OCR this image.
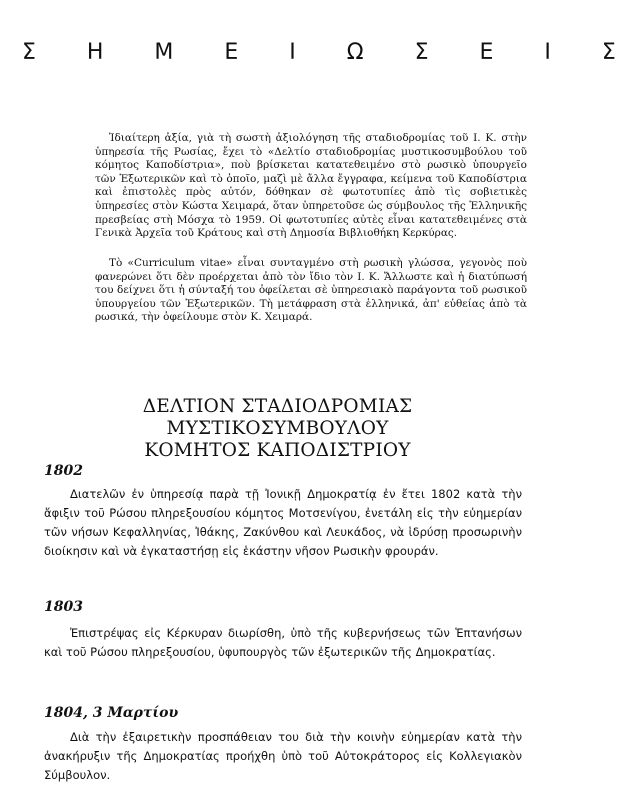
Σ Η Μ Ε Ι Ω Σ Ε Ι Σ

Ἰδιαίτερη ἀξία, γιὰ τὴ σωστὴ ἀξιολόγηση τῆς σταδιοδρομίας τοῦ Ι. Κ. στὴν ὑπηρεσία τῆς Ρωσίας, ἔχει τὸ «Δελτίο σταδιοδρομίας μυστικοσυμβούλου τοῦ κόμητος Καποδίστρια», ποὺ βρίσκεται κατατεθειμένο στὸ ρωσικὸ ὑπουργεῖο τῶν Ἐξωτερικῶν καὶ τὸ ὁποῖο, μαζὶ μὲ ἄλλα ἔγγραφα, κείμενα τοῦ Καποδίστρια καὶ ἐπιστολὲς πρὸς αὐτόν, δόθηκαν σὲ φωτοτυπίες ἀπὸ τὶς σοβιετικὲς ὑπηρεσίες στὸν Κώστα Χειμαρά, ὅταν ὑπηρετοῦσε ὡς σύμβουλος τῆς Ἑλληνικῆς πρεσβείας στὴ Μόσχα τὸ 1959. Οἱ φωτοτυπίες αὐτὲς εἶναι κατατεθειμένες στὰ Γενικὰ Ἀρχεῖα τοῦ Κράτους καὶ στὴ Δημοσία Βιβλιοθήκη Κερκύρας.

Τὸ «Curriculum vitae» εἶναι συνταγμένο στὴ ρωσικὴ γλώσσα, γεγονὸς ποὺ φανερώνει ὅτι δὲν προέρχεται ἀπὸ τὸν ἴδιο τὸν Ι. Κ. Ἄλλωστε καὶ ἡ διατύπωσή του δείχνει ὅτι ἡ σύνταξή του ὀφείλεται σὲ ὑπηρεσιακὸ παράγοντα τοῦ ρωσικοῦ ὑπουργείου τῶν Ἐξωτερικῶν. Τὴ μετάφραση στὰ ἑλληνικά, ἀπ' εὐθείας ἀπὸ τὰ ρωσικά, τὴν ὀφείλουμε στὸν Κ. Χειμαρά.

ΔΕΛΤΙΟΝ ΣΤΑΔΙΟΔΡΟΜΙΑΣ ΜΥΣΤΙΚΟΣΥΜΒΟΥΛΟΥ
ΚΟΜΗΤΟΣ ΚΑΠΟΔΙΣΤΡΙΟΥ
1802

Διατελῶν ἐν ὑπηρεσίᾳ παρὰ τῇ Ἰονικῇ Δημοκρατίᾳ ἐν ἔτει 1802 κατὰ τὴν ἄφιξιν τοῦ Ρώσου πληρεξουσίου κόμητος Μοτσενίγου, ἐνετάλη εἰς τὴν εὐημερίαν τῶν νήσων Κεφαλληνίας, Ἰθάκης, Ζακύνθου καὶ Λευκάδος, νὰ ἱδρύσῃ προσωρινὴν διοίκησιν καὶ νὰ ἐγκαταστήσῃ εἰς ἑκάστην νῆσον Ρωσικὴν φρουράν.

1803

Ἐπιστρέψας εἰς Κέρκυραν διωρίσθη, ὑπὸ τῆς κυβερνήσεως τῶν Ἑπτανήσων καὶ τοῦ Ρώσου πληρεξουσίου, ὑφυπουργὸς τῶν ἐξωτερικῶν τῆς Δημοκρατίας.

1804, 3 Μαρτίου

Διὰ τὴν ἐξαιρετικὴν προσπάθειαν του διὰ τὴν κοινὴν εὐημερίαν κατὰ τὴν ἀνακήρυξιν τῆς Δημοκρατίας προήχθη ὑπὸ τοῦ Αὐτοκράτορος εἰς Κολλεγιακὸν Σύμβουλον.
